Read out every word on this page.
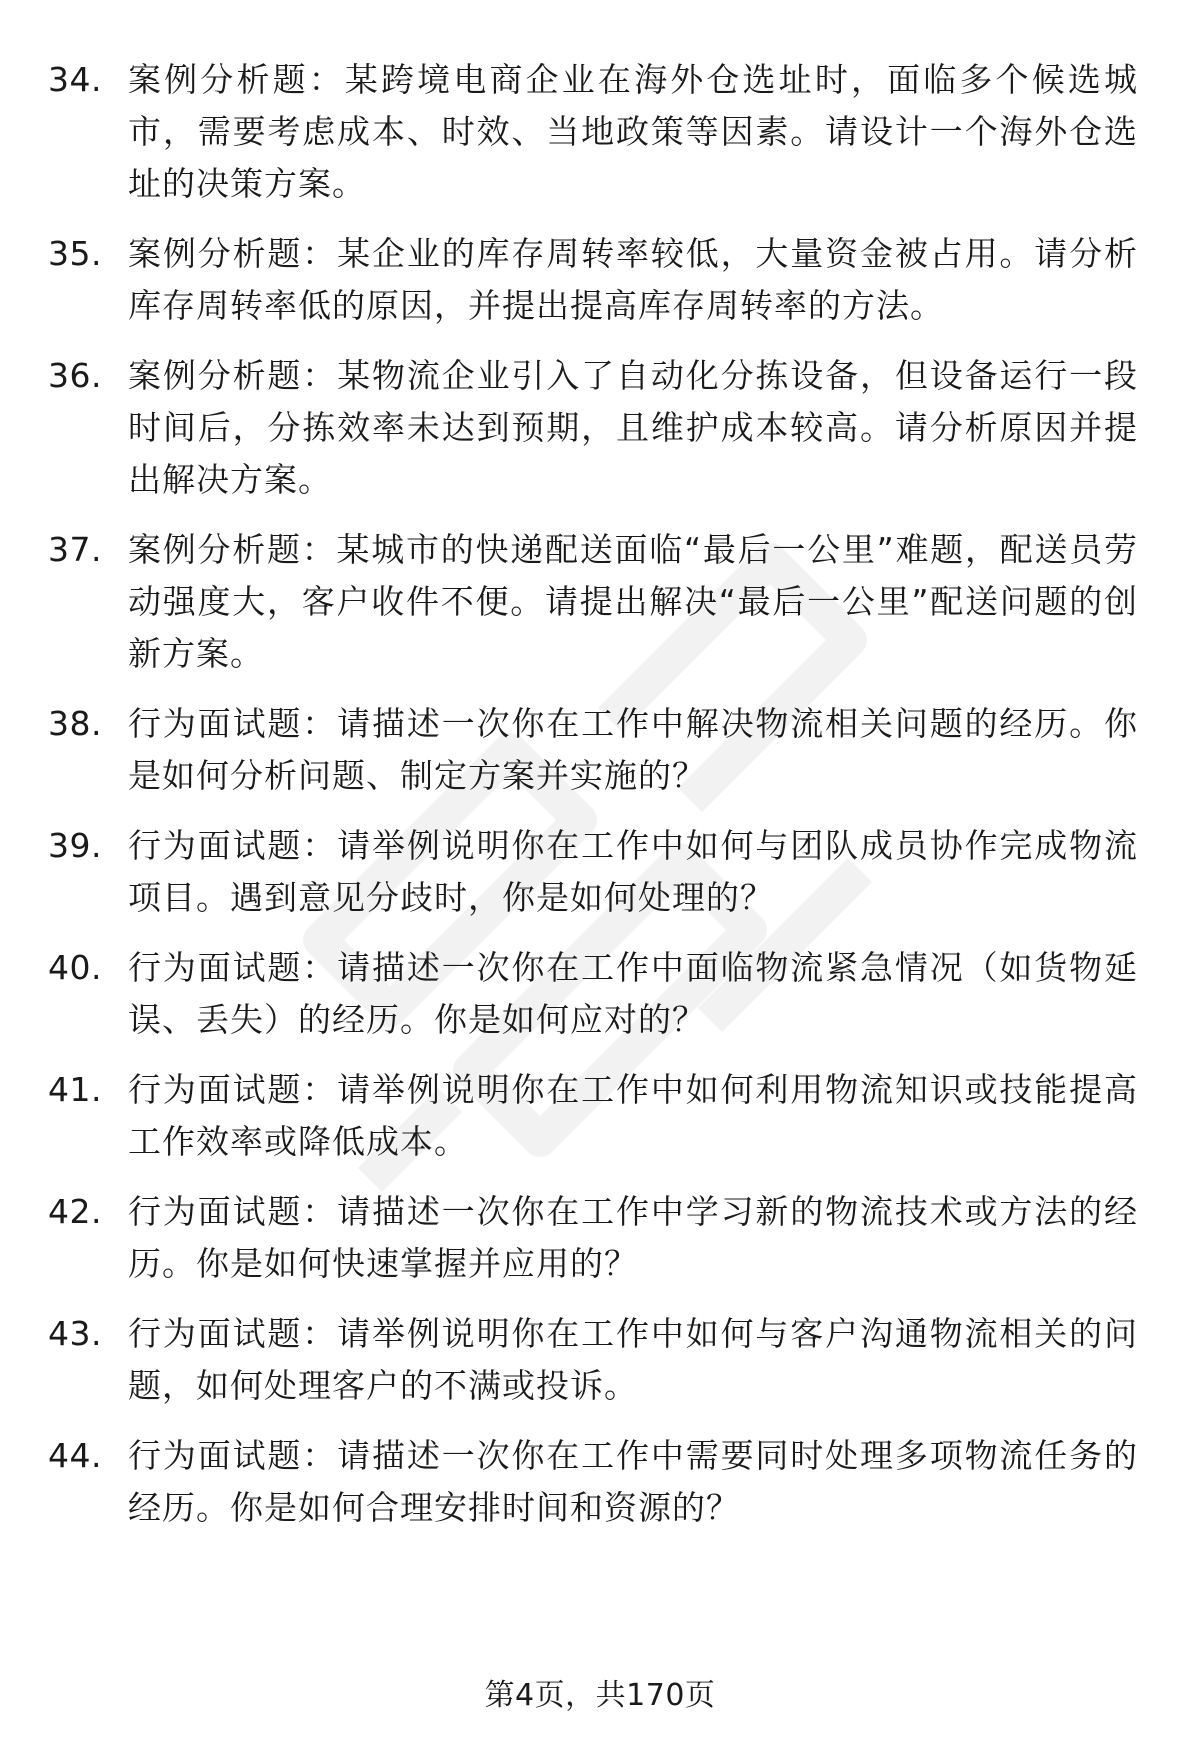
34. 案例分析题：某跨境电商企业在海外仓选址时，面临多个候选城市，需要考虑成本、时效、当地政策等因素。请设计一个海外仓选址的决策方案。
35. 案例分析题：某企业的库存周转率较低，大量资金被占用。请分析库存周转率低的原因，并提出提高库存周转率的方法。
36. 案例分析题：某物流企业引入了自动化分拣设备，但设备运行一段时间后，分拣效率未达到预期，且维护成本较高。请分析原因并提出解决方案。
37. 案例分析题：某城市的快递配送面临“最后一公里”难题，配送员劳动强度大，客户收件不便。请提出解决“最后一公里”配送问题的创新方案。
38. 行为面试题：请描述一次你在工作中解决物流相关问题的经历。你是如何分析问题、制定方案并实施的？
39. 行为面试题：请举例说明你在工作中如何与团队成员协作完成物流项目。遇到意见分歧时，你是如何处理的？
40. 行为面试题：请描述一次你在工作中面临物流紧急情况（如货物延误、丢失）的经历。你是如何应对的？
41. 行为面试题：请举例说明你在工作中如何利用物流知识或技能提高工作效率或降低成本。
42. 行为面试题：请描述一次你在工作中学习新的物流技术或方法的经历。你是如何快速掌握并应用的？
43. 行为面试题：请举例说明你在工作中如何与客户沟通物流相关的问题，如何处理客户的不满或投诉。
44. 行为面试题：请描述一次你在工作中需要同时处理多项物流任务的经历。你是如何合理安排时间和资源的？
第4页，共170页
